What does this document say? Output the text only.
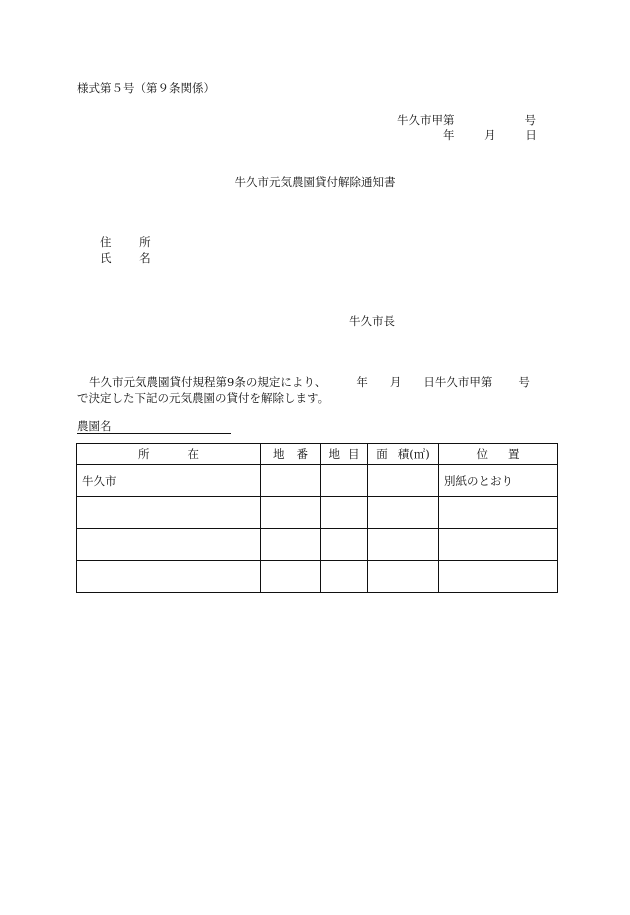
様式第５号（第９条関係）
牛久市甲第	号
年	月	日
牛久市元気農園貸付解除通知書
住 所
氏 名
牛久市長
牛久市元気農園貸付規程第9条の規定により、	年 月 日牛久市甲第 号
で決定した下記の元気農園の貸付を解除します。
農園名
所 在	地 番	地 目	面 積(㎡)	位 置
牛久市				別紙のとおり
